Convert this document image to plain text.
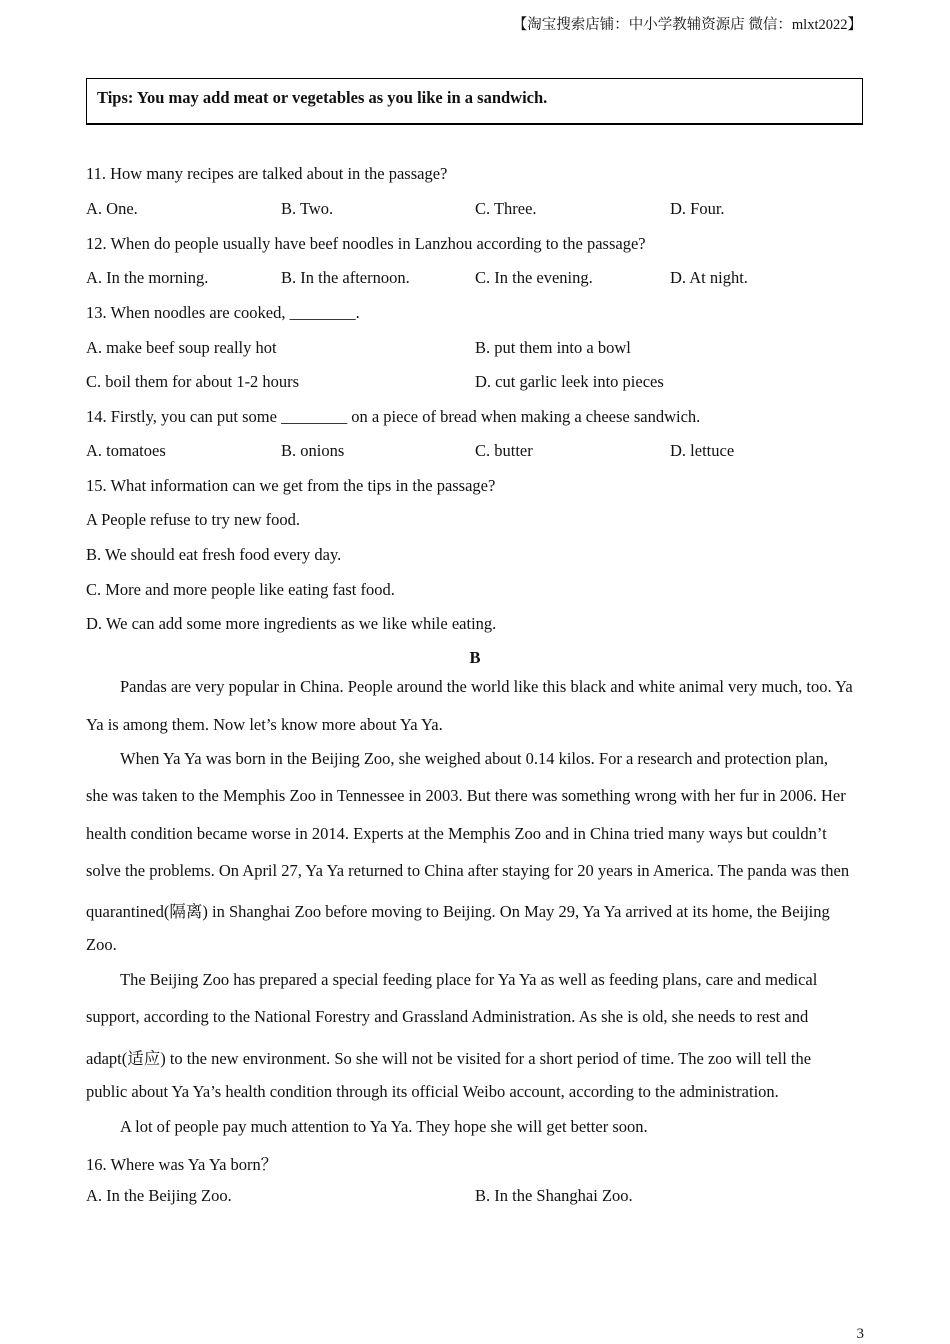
【淘宝搜索店铺：中小学教辅资源店 微信：mlxt2022】
Tips: You may add meat or vegetables as you like in a sandwich.
11. How many recipes are talked about in the passage?
A. One.	B. Two.	C. Three.	D. Four.
12. When do people usually have beef noodles in Lanzhou according to the passage?
A. In the morning.	B. In the afternoon.	C. In the evening.	D. At night.
13. When noodles are cooked, ________.
A. make beef soup really hot	B. put them into a bowl
C. boil them for about 1-2 hours	D. cut garlic leek into pieces
14. Firstly, you can put some ________ on a piece of bread when making a cheese sandwich.
A. tomatoes	B. onions	C. butter	D. lettuce
15. What information can we get from the tips in the passage?
A People refuse to try new food.
B. We should eat fresh food every day.
C. More and more people like eating fast food.
D. We can add some more ingredients as we like while eating.
B
Pandas are very popular in China. People around the world like this black and white animal very much, too. Ya
Ya is among them. Now let’s know more about Ya Ya.
When Ya Ya was born in the Beijing Zoo, she weighed about 0.14 kilos. For a research and protection plan,
she was taken to the Memphis Zoo in Tennessee in 2003. But there was something wrong with her fur in 2006. Her
health condition became worse in 2014. Experts at the Memphis Zoo and in China tried many ways but couldn’t
solve the problems. On April 27, Ya Ya returned to China after staying for 20 years in America. The panda was then
quarantined(隔离) in Shanghai Zoo before moving to Beijing. On May 29, Ya Ya arrived at its home, the Beijing
Zoo.
The Beijing Zoo has prepared a special feeding place for Ya Ya as well as feeding plans, care and medical
support, according to the National Forestry and Grassland Administration. As she is old, she needs to rest and
adapt(适应) to the new environment. So she will not be visited for a short period of time. The zoo will tell the
public about Ya Ya’s health condition through its official Weibo account, according to the administration.
A lot of people pay much attention to Ya Ya. They hope she will get better soon.
16. Where was Ya Ya born？
A. In the Beijing Zoo.	B. In the Shanghai Zoo.
3
